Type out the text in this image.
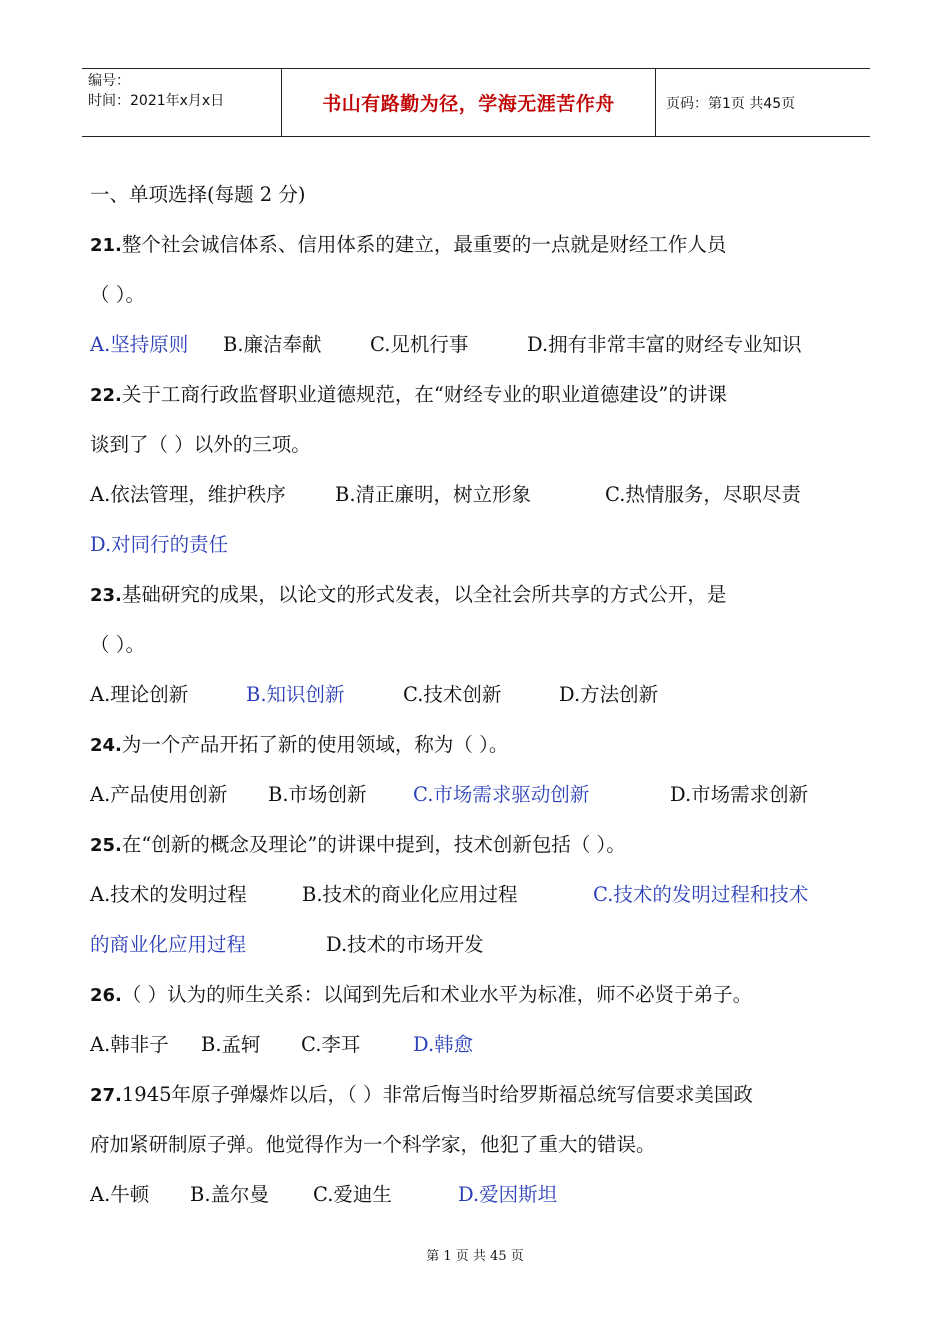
编号：
时间：2021年x月x日	书山有路勤为径，学海无涯苦作舟	页码：第1页 共45页
一、单项选择(每题 2 分)
21.整个社会诚信体系、信用体系的建立，最重要的一点就是财经工作人员
（ ）。
A.坚持原则 B.廉洁奉献 C.见机行事	D.拥有非常丰富的财经专业知识
22.关于工商行政监督职业道德规范，在“财经专业的职业道德建设”的讲课
谈到了（ ）以外的三项。
A.依法管理，维护秩序	B.清正廉明，树立形象	C.热情服务，尽职尽责
D.对同行的责任
23.基础研究的成果，以论文的形式发表，以全社会所共享的方式公开，是
（ ）。
A.理论创新	B.知识创新	C.技术创新	D.方法创新
24.为一个产品开拓了新的使用领域，称为（ ）。
A.产品使用创新 B.市场创新 C.市场需求驱动创新	D.市场需求创新
25.在“创新的概念及理论”的讲课中提到，技术创新包括（ ）。
A.技术的发明过程	B.技术的商业化应用过程	C.技术的发明过程和技术
的商业化应用过程	D.技术的市场开发
26.（ ）认为的师生关系：以闻到先后和术业水平为标准，师不必贤于弟子。
A.韩非子 B.孟轲 C.李耳	D.韩愈
27.1945年原子弹爆炸以后，（ ）非常后悔当时给罗斯福总统写信要求美国政
府加紧研制原子弹。他觉得作为一个科学家，他犯了重大的错误。
A.牛顿 B.盖尔曼 C.爱迪生	D.爱因斯坦
第 1 页 共 45 页
